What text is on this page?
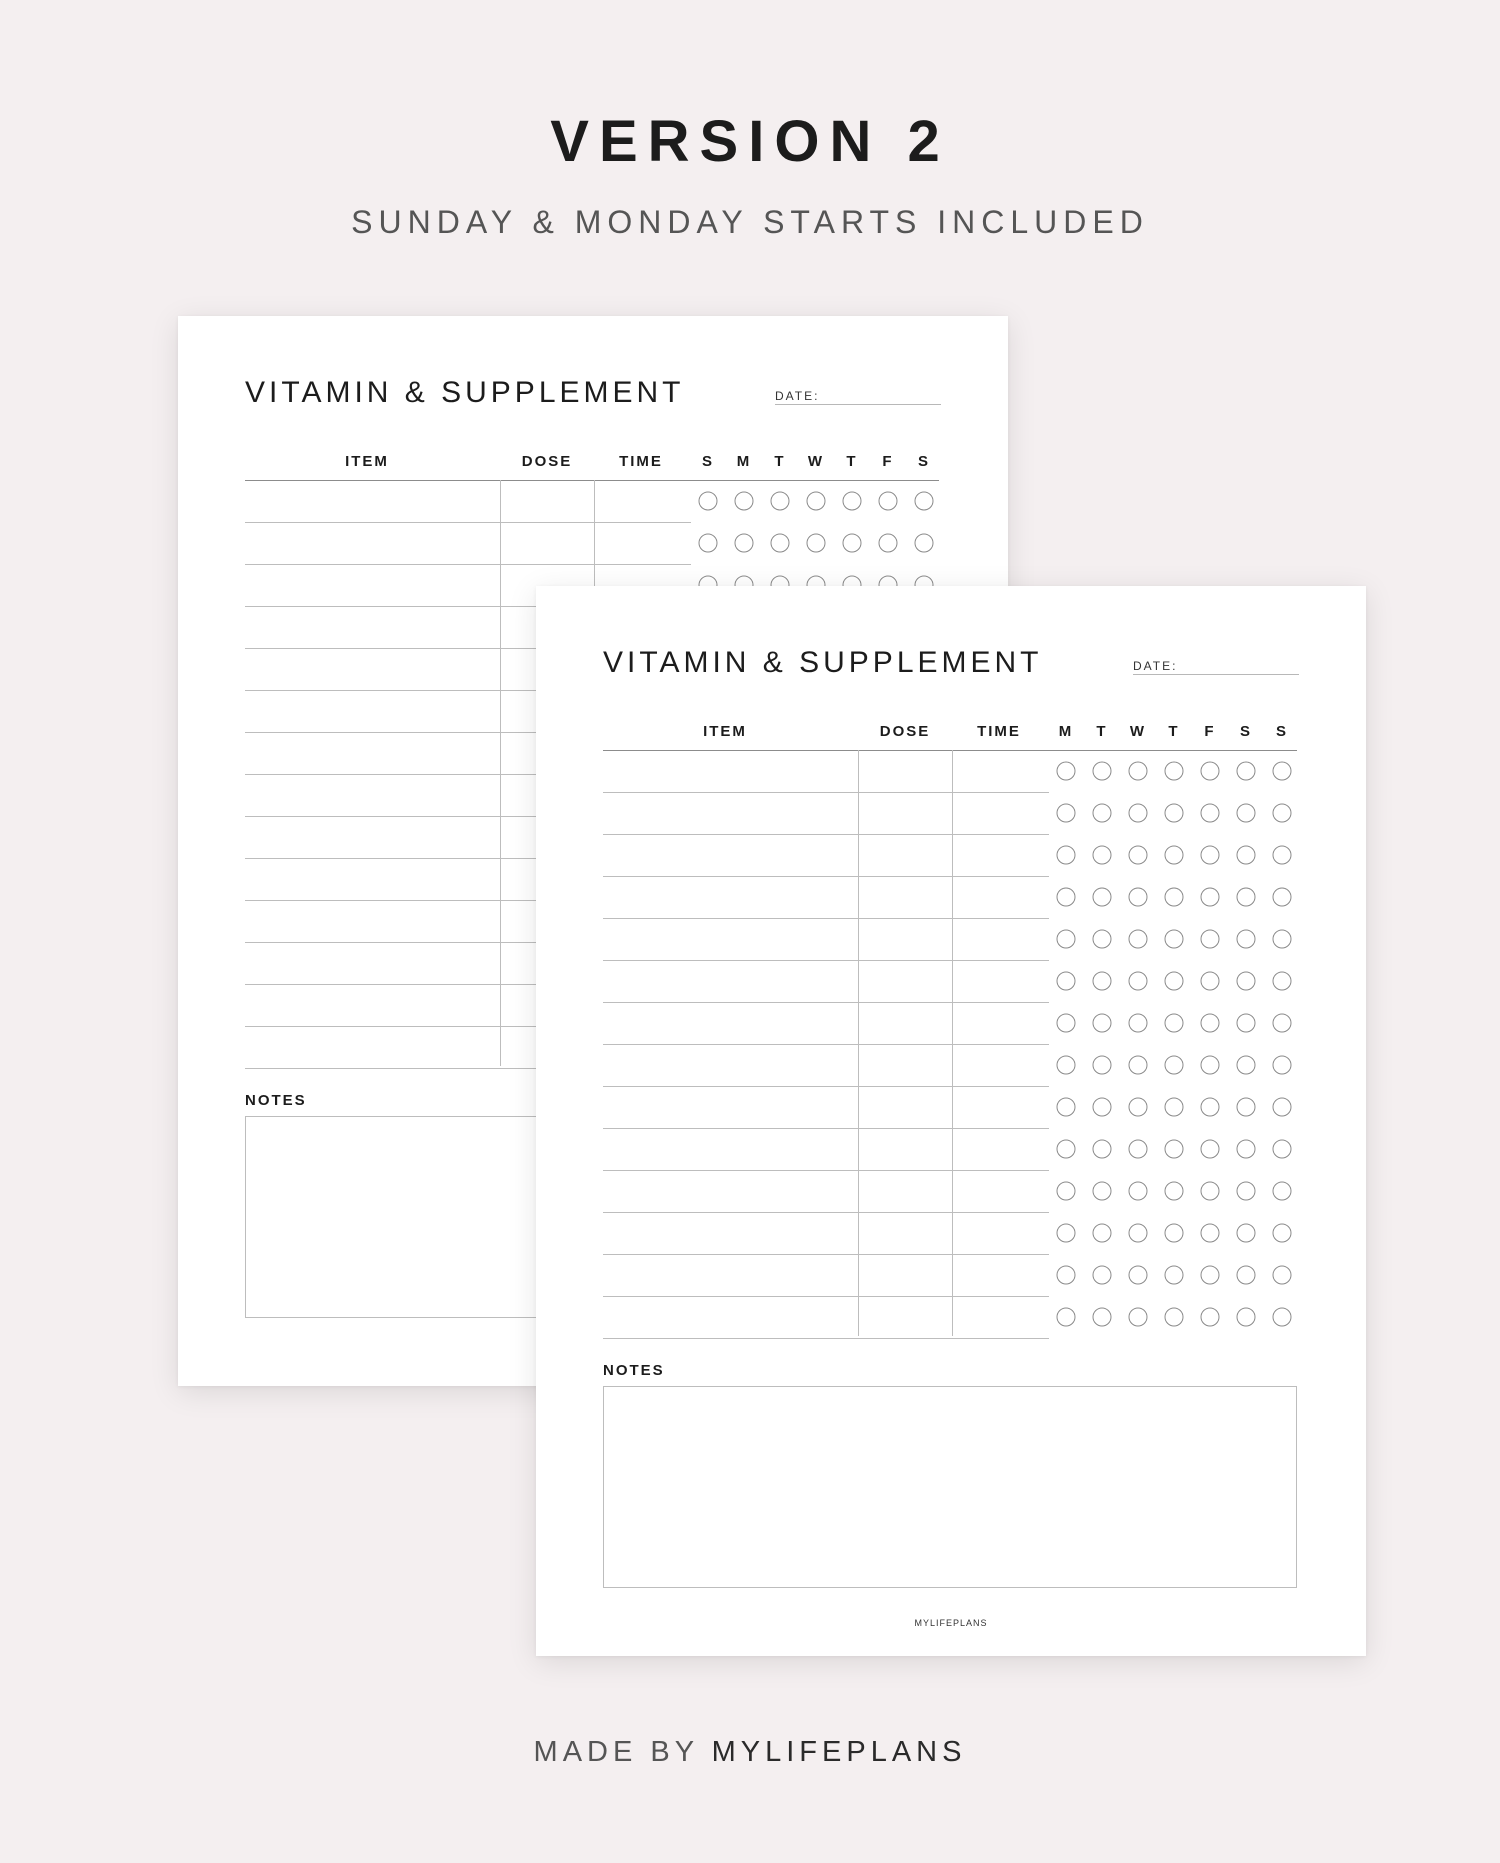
VERSION 2
SUNDAY & MONDAY STARTS INCLUDED
VITAMIN & SUPPLEMENT	DATE:
ITEM	DOSE	TIME	S M T W T F S
NOTES
VITAMIN & SUPPLEMENT	DATE:
ITEM	DOSE	TIME	M T W T F S S
NOTES
MYLIFEPLANS
MADE BY MYLIFEPLANS
